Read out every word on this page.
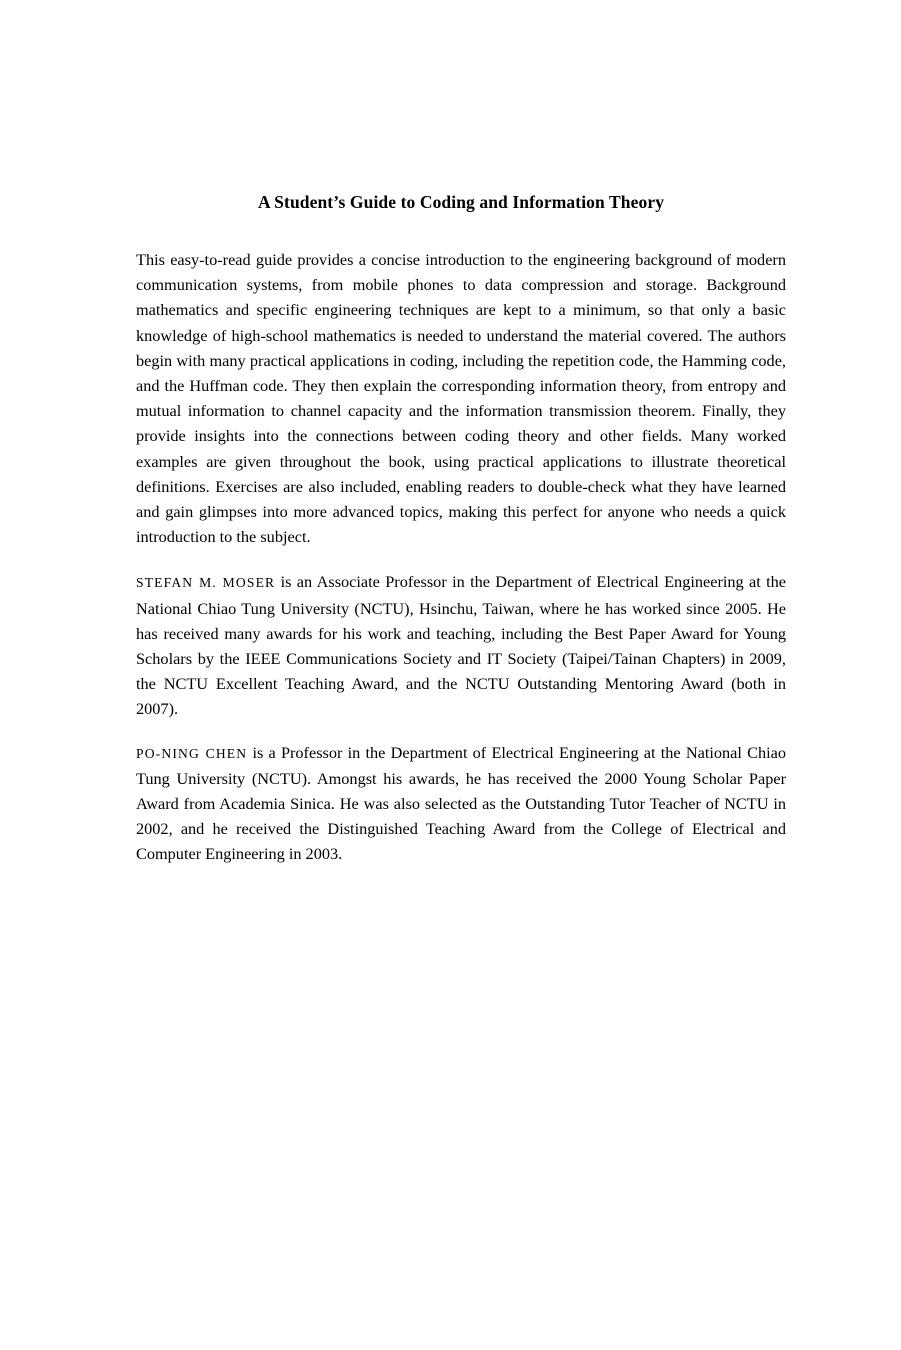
A Student’s Guide to Coding and Information Theory

This easy-to-read guide provides a concise introduction to the engineering background of modern communication systems, from mobile phones to data compression and storage. Background mathematics and specific engineering techniques are kept to a minimum, so that only a basic knowledge of high-school mathematics is needed to understand the material covered. The authors begin with many practical applications in coding, including the repetition code, the Hamming code, and the Huffman code. They then explain the corresponding information theory, from entropy and mutual information to channel capacity and the information transmission theorem. Finally, they provide insights into the connections between coding theory and other fields. Many worked examples are given throughout the book, using practical applications to illustrate theoretical definitions. Exercises are also included, enabling readers to double-check what they have learned and gain glimpses into more advanced topics, making this perfect for anyone who needs a quick introduction to the subject.

STEFAN M. MOSER is an Associate Professor in the Department of Electrical Engineering at the National Chiao Tung University (NCTU), Hsinchu, Taiwan, where he has worked since 2005. He has received many awards for his work and teaching, including the Best Paper Award for Young Scholars by the IEEE Communications Society and IT Society (Taipei/Tainan Chapters) in 2009, the NCTU Excellent Teaching Award, and the NCTU Outstanding Mentoring Award (both in 2007).

PO-NING CHEN is a Professor in the Department of Electrical Engineering at the National Chiao Tung University (NCTU). Amongst his awards, he has received the 2000 Young Scholar Paper Award from Academia Sinica. He was also selected as the Outstanding Tutor Teacher of NCTU in 2002, and he received the Distinguished Teaching Award from the College of Electrical and Computer Engineering in 2003.
